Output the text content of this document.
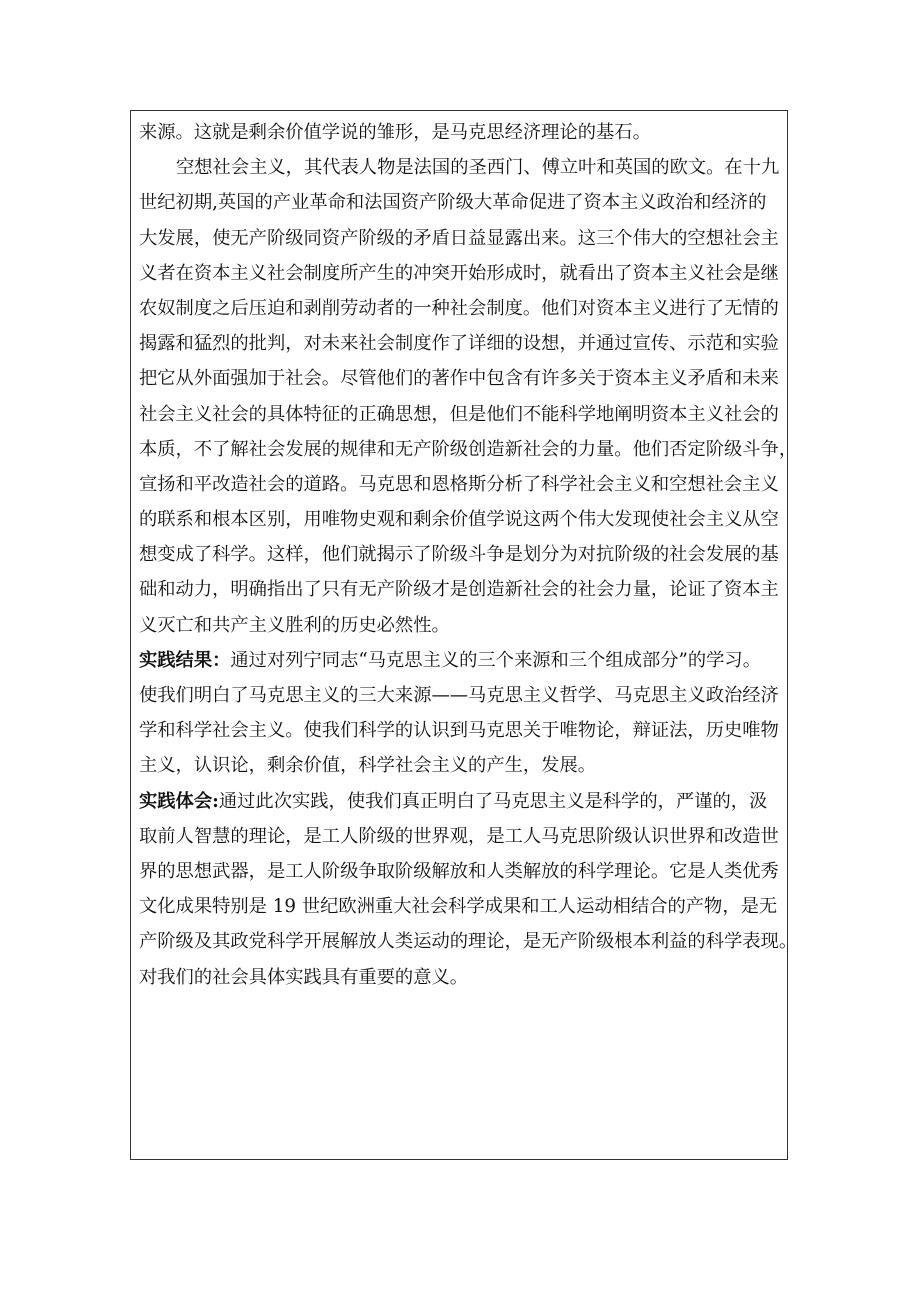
来源。这就是剩余价值学说的雏形，是马克思经济理论的基石。
空想社会主义，其代表人物是法国的圣西门、傅立叶和英国的欧文。在十九
世纪初期,英国的产业革命和法国资产阶级大革命促进了资本主义政治和经济的
大发展，使无产阶级同资产阶级的矛盾日益显露出来。这三个伟大的空想社会主
义者在资本主义社会制度所产生的冲突开始形成时，就看出了资本主义社会是继
农奴制度之后压迫和剥削劳动者的一种社会制度。他们对资本主义进行了无情的
揭露和猛烈的批判，对未来社会制度作了详细的设想，并通过宣传、示范和实验
把它从外面强加于社会。尽管他们的著作中包含有许多关于资本主义矛盾和未来
社会主义社会的具体特征的正确思想，但是他们不能科学地阐明资本主义社会的
本质，不了解社会发展的规律和无产阶级创造新社会的力量。他们否定阶级斗争，
宣扬和平改造社会的道路。马克思和恩格斯分析了科学社会主义和空想社会主义
的联系和根本区别，用唯物史观和剩余价值学说这两个伟大发现使社会主义从空
想变成了科学。这样，他们就揭示了阶级斗争是划分为对抗阶级的社会发展的基
础和动力，明确指出了只有无产阶级才是创造新社会的社会力量，论证了资本主
义灭亡和共产主义胜利的历史必然性。
实践结果：通过对列宁同志“马克思主义的三个来源和三个组成部分”的学习。
使我们明白了马克思主义的三大来源——马克思主义哲学、马克思主义政治经济
学和科学社会主义。使我们科学的认识到马克思关于唯物论，辩证法，历史唯物
主义，认识论，剩余价值，科学社会主义的产生，发展。
实践体会:通过此次实践，使我们真正明白了马克思主义是科学的，严谨的，汲
取前人智慧的理论，是工人阶级的世界观，是工人马克思阶级认识世界和改造世
界的思想武器，是工人阶级争取阶级解放和人类解放的科学理论。它是人类优秀
文化成果特别是 19 世纪欧洲重大社会科学成果和工人运动相结合的产物，是无
产阶级及其政党科学开展解放人类运动的理论，是无产阶级根本利益的科学表现。
对我们的社会具体实践具有重要的意义。
